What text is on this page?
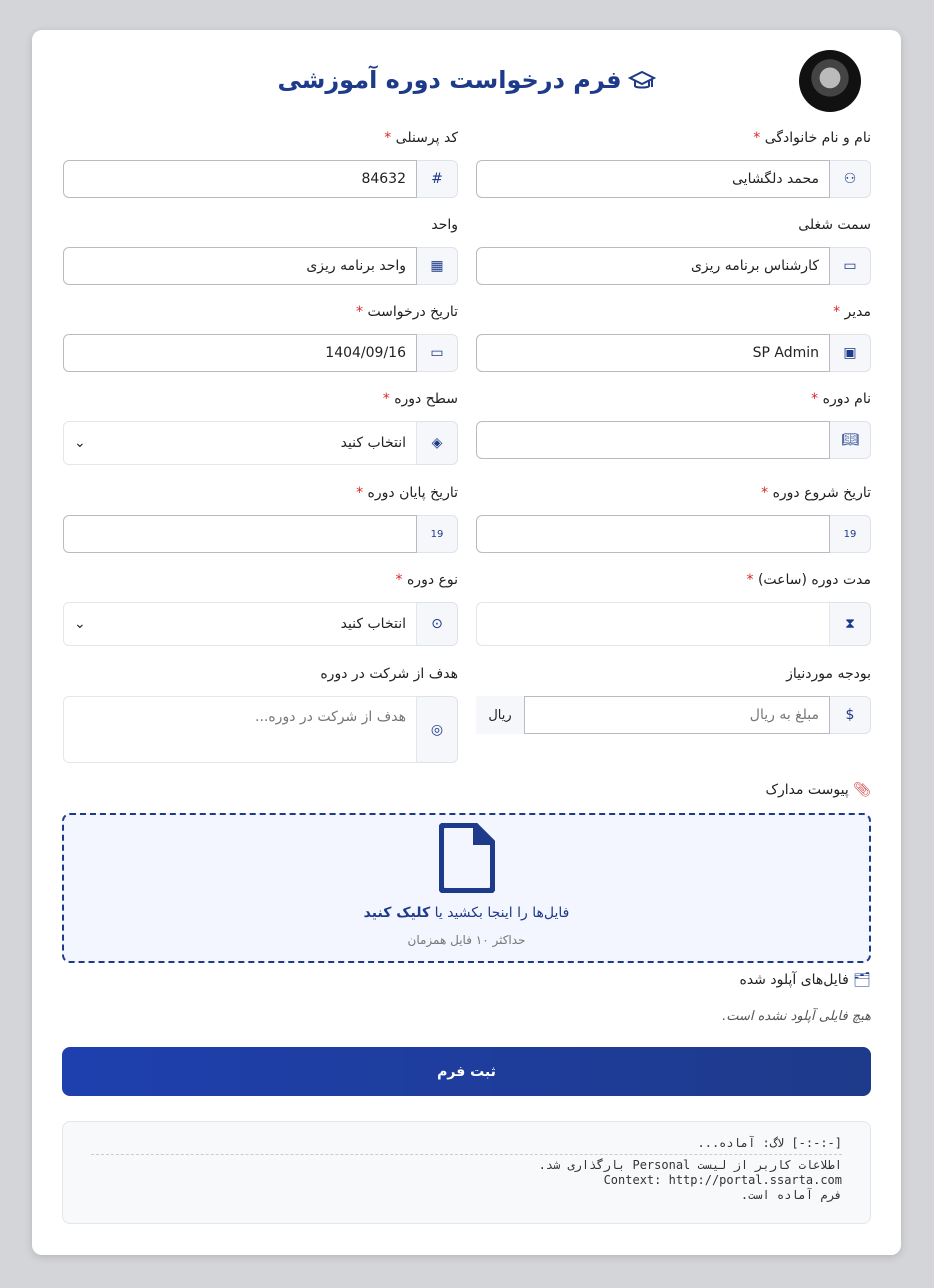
فرم درخواست دوره آموزشی
نام و نام خانوادگی *
⚇
محمد دلگشایی
کد پرسنلی *
#
84632
سمت شغلی
▭
کارشناس برنامه ریزی
واحد
▦
واحد برنامه ریزی
مدیر *
▣
SP Admin
تاریخ درخواست *
▭
1404/09/16
نام دوره *
📖︎
سطح دوره *
◈
انتخاب کنید
⌄
تاریخ شروع دوره *
19
تاریخ پایان دوره *
19
مدت دوره (ساعت) *
⧗
نوع دوره *
⊙
انتخاب کنید
⌄
بودجه موردنیاز
$
مبلغ به ریال
ریال
هدف از شرکت در دوره
◎
هدف از شرکت در دوره...
📎︎ پیوست مدارک
فایل‌ها را اینجا بکشید یا کلیک کنید
حداکثر ۱۰ فایل همزمان
🗂︎ فایل‌های آپلود شده
هیچ فایلی آپلود نشده است.
ثبت فرم
[-:-:-] لاگ: آماده...
اطلاعات کاربر از لیست Personal بارگذاری شد.
Context: http://portal.ssarta.com
فرم آماده است.
